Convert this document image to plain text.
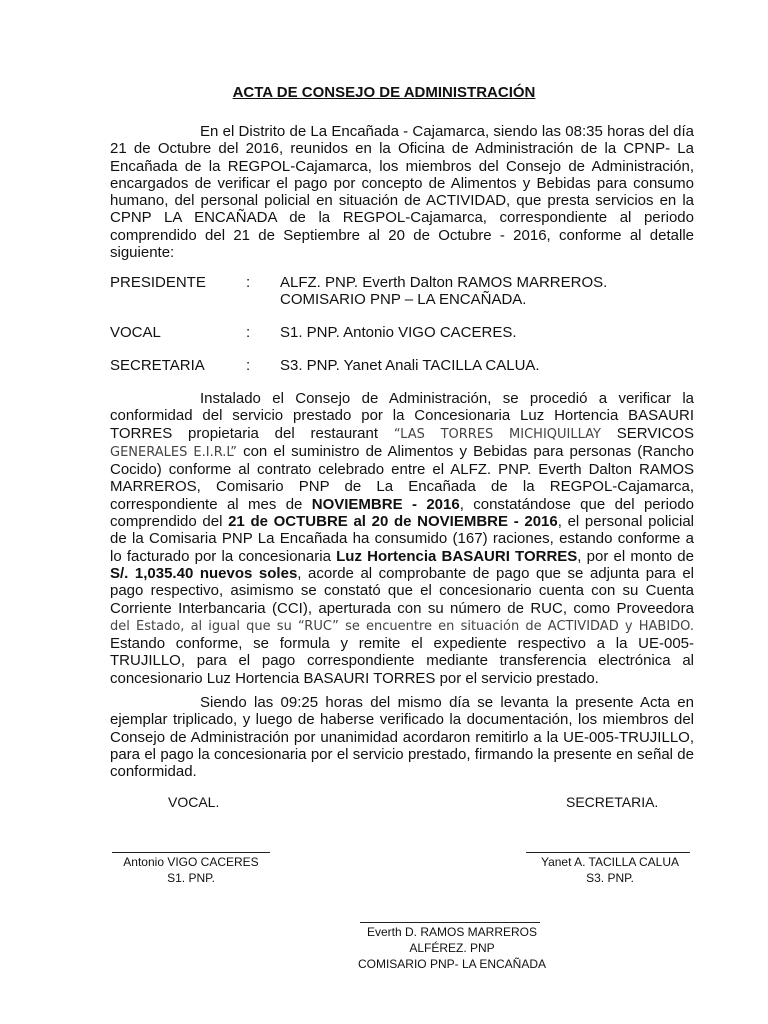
ACTA DE CONSEJO DE ADMINISTRACIÓN

En el Distrito de La Encañada - Cajamarca, siendo las 08:35 horas del día 21 de Octubre del 2016, reunidos en la Oficina de Administración de la CPNP- La Encañada de la REGPOL-Cajamarca, los miembros del Consejo de Administración, encargados de verificar el pago por concepto de Alimentos y Bebidas para consumo humano, del personal policial en situación de ACTIVIDAD, que presta servicios en la CPNP LA ENCAÑADA de la REGPOL-Cajamarca, correspondiente al periodo comprendido del 21 de Septiembre al 20 de Octubre - 2016, conforme al detalle siguiente:

PRESIDENTE	: ALFZ. PNP. Everth Dalton RAMOS MARREROS.

COMISARIO PNP – LA ENCAÑADA.

VOCAL	: S1. PNP. Antonio VIGO CACERES.

SECRETARIA	: S3. PNP. Yanet Anali TACILLA CALUA.

Instalado el Consejo de Administración, se procedió a verificar la conformidad del servicio prestado por la Concesionaria Luz Hortencia BASAURI TORRES propietaria del restaurant “LAS TORRES MICHIQUILLAY SERVICOS GENERALES E.I.R.L” con el suministro de Alimentos y Bebidas para personas (Rancho Cocido) conforme al contrato celebrado entre el ALFZ. PNP. Everth Dalton RAMOS MARREROS, Comisario PNP de La Encañada de la REGPOL-Cajamarca, correspondiente al mes de NOVIEMBRE - 2016, constatándose que del periodo comprendido del 21 de OCTUBRE al 20 de NOVIEMBRE - 2016, el personal policial de la Comisaria PNP La Encañada ha consumido (167) raciones, estando conforme a lo facturado por la concesionaria Luz Hortencia BASAURI TORRES, por el monto de S/. 1,035.40 nuevos soles, acorde al comprobante de pago que se adjunta para el pago respectivo, asimismo se constató que el concesionario cuenta con su Cuenta Corriente Interbancaria (CCI), aperturada con su número de RUC, como Proveedora del Estado, al igual que su “RUC” se encuentre en situación de ACTIVIDAD y HABIDO. Estando conforme, se formula y remite el expediente respectivo a la UE-005-TRUJILLO, para el pago correspondiente mediante transferencia electrónica al concesionario Luz Hortencia BASAURI TORRES por el servicio prestado.

Siendo las 09:25 horas del mismo día se levanta la presente Acta en ejemplar triplicado, y luego de haberse verificado la documentación, los miembros del Consejo de Administración por unanimidad acordaron remitirlo a la UE-005-TRUJILLO, para el pago la concesionaria por el servicio prestado, firmando la presente en señal de conformidad.

VOCAL.	SECRETARIA.

Antonio VIGO CACERES
S1. PNP.
Yanet A. TACILLA CALUA
S3. PNP.
Everth D. RAMOS MARREROS
ALFÉREZ. PNP
COMISARIO PNP- LA ENCAÑADA
